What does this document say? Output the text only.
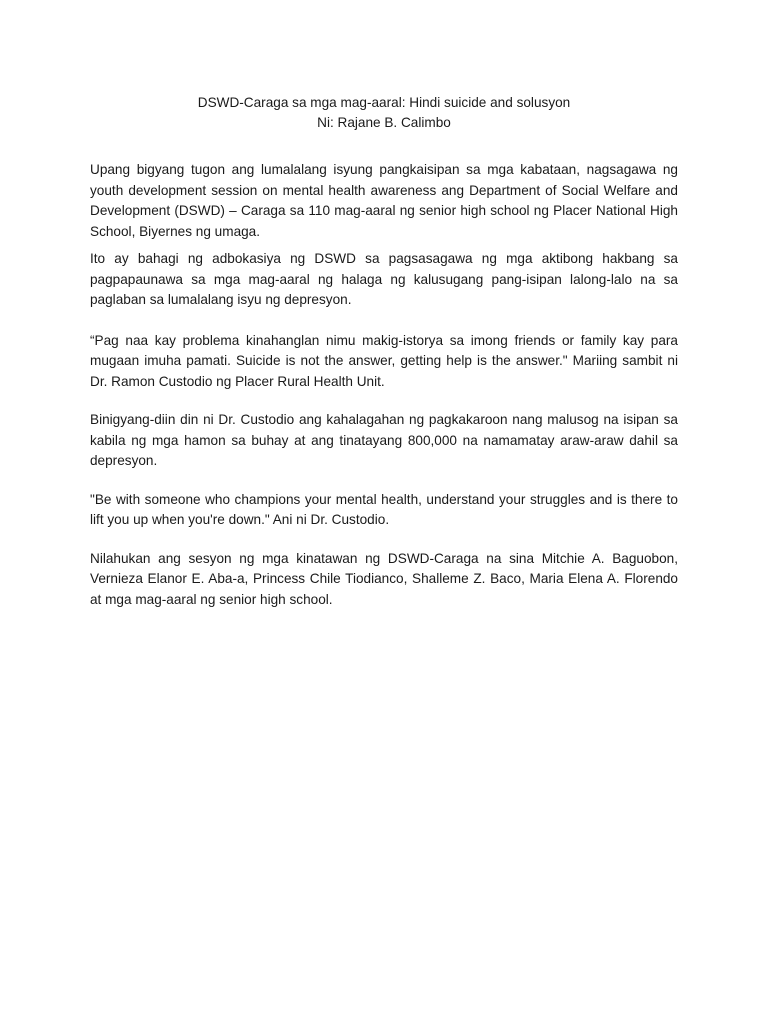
DSWD-Caraga sa mga mag-aaral: Hindi suicide and solusyon
Ni: Rajane B. Calimbo

Upang bigyang tugon ang lumalalang isyung pangkaisipan sa mga kabataan, nagsagawa ng youth development session on mental health awareness ang Department of Social Welfare and Development (DSWD) – Caraga sa 110 mag-aaral ng senior high school ng Placer National High School, Biyernes ng umaga.

Ito ay bahagi ng adbokasiya ng DSWD sa pagsasagawa ng mga aktibong hakbang sa pagpapaunawa sa mga mag-aaral ng halaga ng kalusugang pang-isipan lalong-lalo na sa paglaban sa lumalalang isyu ng depresyon.

“Pag naa kay problema kinahanglan nimu makig-istorya sa imong friends or family kay para mugaan imuha pamati. Suicide is not the answer, getting help is the answer." Mariing sambit ni Dr. Ramon Custodio ng Placer Rural Health Unit.

Binigyang-diin din ni Dr. Custodio ang kahalagahan ng pagkakaroon nang malusog na isipan sa kabila ng mga hamon sa buhay at ang tinatayang 800,000 na namamatay araw-araw dahil sa depresyon.

"Be with someone who champions your mental health, understand your struggles and is there to lift you up when you're down." Ani ni Dr. Custodio.

Nilahukan ang sesyon ng mga kinatawan ng DSWD-Caraga na sina Mitchie A. Baguobon, Vernieza Elanor E. Aba-a, Princess Chile Tiodianco, Shalleme Z. Baco, Maria Elena A. Florendo at mga mag-aaral ng senior high school.
